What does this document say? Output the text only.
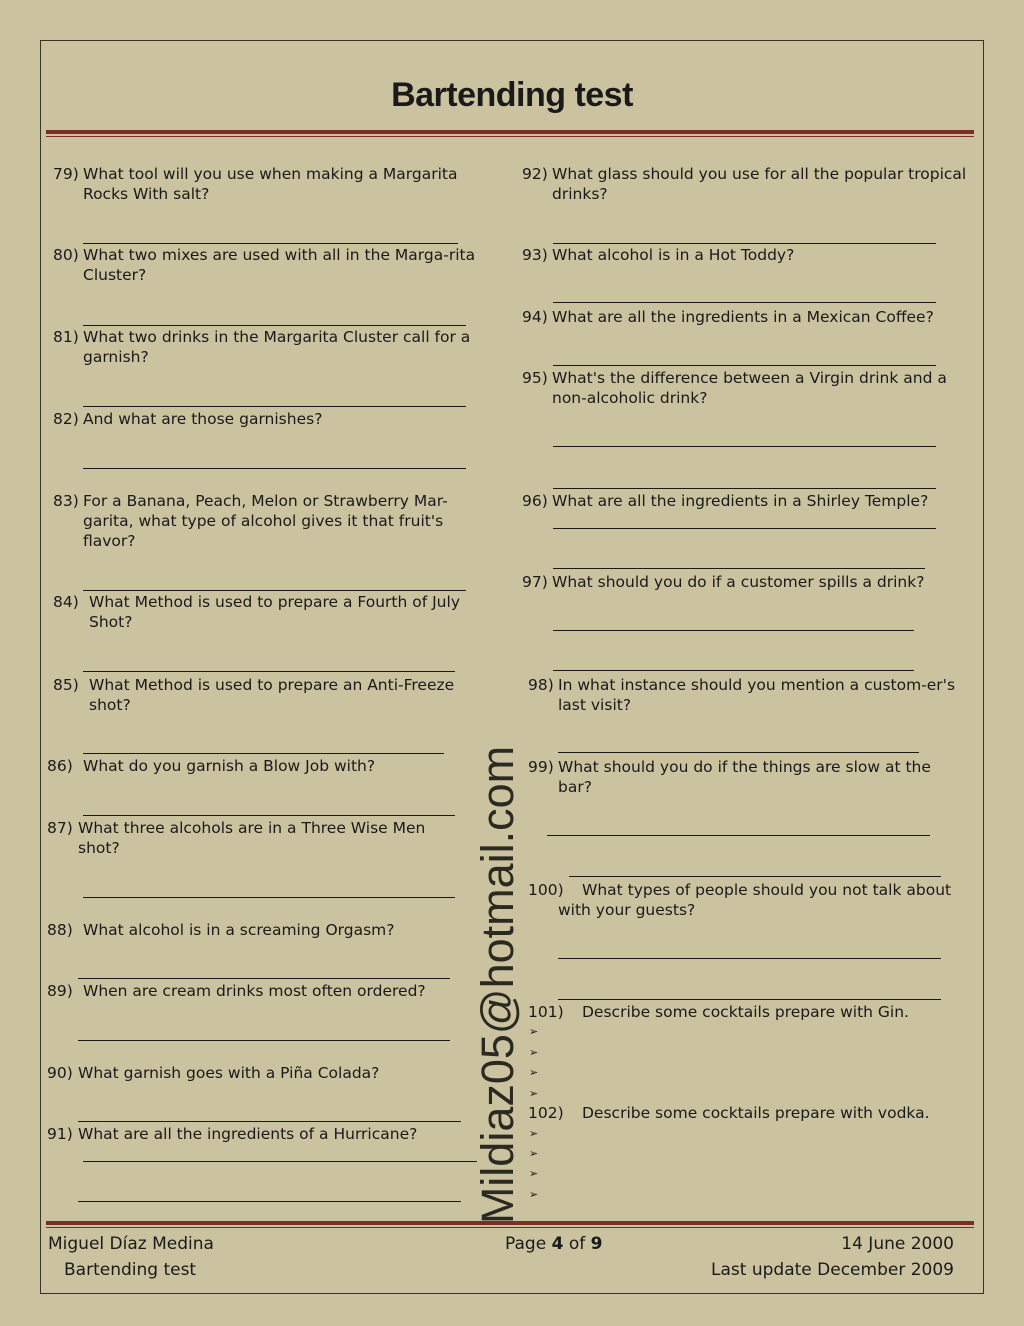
Bartending test
79) What tool will you use when making a Margarita Rocks With salt?
80) What two mixes are used with all in the Marga-rita Cluster?
81) What two drinks in the Margarita Cluster call for a garnish?
82) And what are those garnishes?
83) For a Banana, Peach, Melon or Strawberry Mar-garita, what type of alcohol gives it that fruit's flavor?
84) What Method is used to prepare a Fourth of July Shot?
85) What Method is used to prepare an Anti-Freeze shot?
86) What do you garnish a Blow Job with?
87) What three alcohols are in a Three Wise Men shot?
88) What alcohol is in a screaming Orgasm?
89) When are cream drinks most often ordered?
90) What garnish goes with a Piña Colada?
91) What are all the ingredients of a Hurricane?	Mildiaz05@hotmail.com
92) What glass should you use for all the popular tropical drinks?
93) What alcohol is in a Hot Toddy?
94) What are all the ingredients in a Mexican Coffee?
95) What's the difference between a Virgin drink and a non-alcoholic drink?
96) What are all the ingredients in a Shirley Temple?
97) What should you do if a customer spills a drink?
98) In what instance should you mention a custom-er's last visit?
99) What should you do if the things are slow at the bar?
100)	What types of people should you not talk about with your guests?
101)	Describe some cocktails prepare with Gin.
➢
➢
➢
➢
102)	Describe some cocktails prepare with vodka.
➢
➢
➢
➢
Miguel Díaz Medina
Bartending test
Page 4 of 9	14 June 2000
Last update December 2009
